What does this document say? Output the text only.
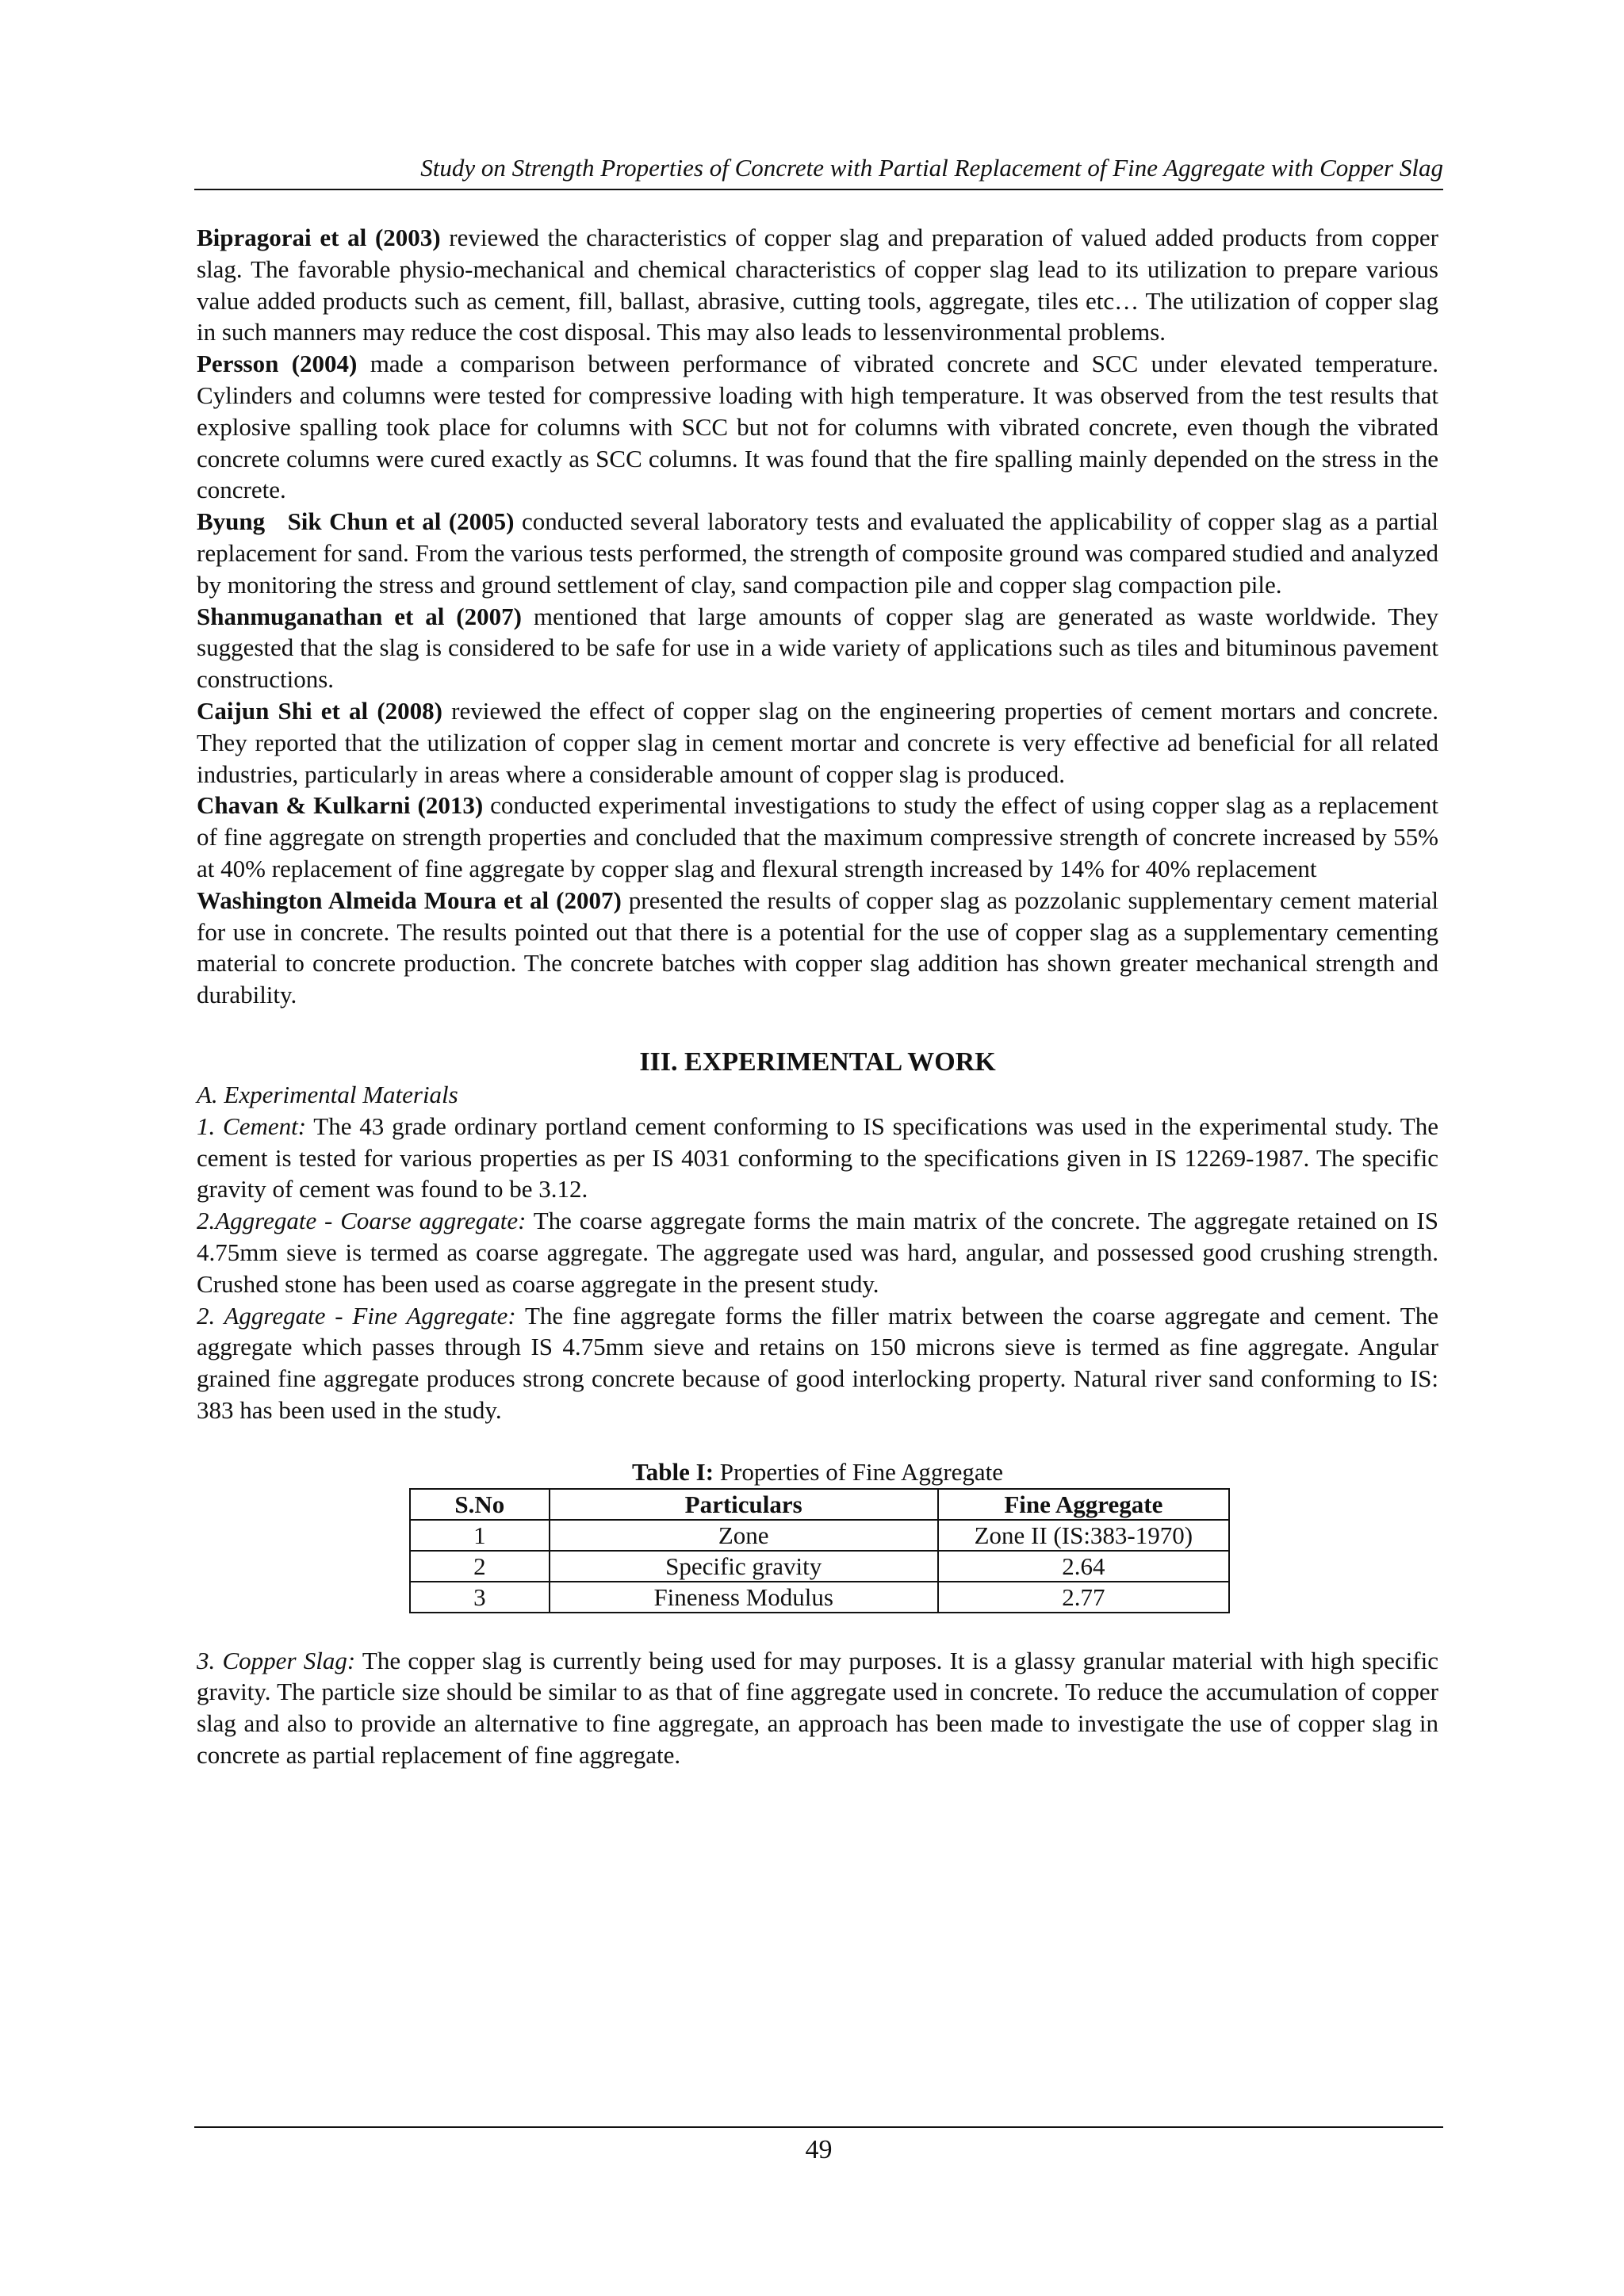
Study on Strength Properties of Concrete with Partial Replacement of Fine Aggregate with Copper Slag

Bipragorai et al (2003) reviewed the characteristics of copper slag and preparation of valued added products from copper slag. The favorable physio-mechanical and chemical characteristics of copper slag lead to its utilization to prepare various value added products such as cement, fill, ballast, abrasive, cutting tools, aggregate, tiles etc… The utilization of copper slag in such manners may reduce the cost disposal. This may also leads to lessenvironmental problems.

Persson (2004) made a comparison between performance of vibrated concrete and SCC under elevated temperature. Cylinders and columns were tested for compressive loading with high temperature. It was observed from the test results that explosive spalling took place for columns with SCC but not for columns with vibrated concrete, even though the vibrated concrete columns were cured exactly as SCC columns. It was found that the fire spalling mainly depended on the stress in the concrete.

Byung   Sik Chun et al (2005) conducted several laboratory tests and evaluated the applicability of copper slag as a partial replacement for sand. From the various tests performed, the strength of composite ground was compared studied and analyzed by monitoring the stress and ground settlement of clay, sand compaction pile and copper slag compaction pile.

Shanmuganathan et al (2007) mentioned that large amounts of copper slag are generated as waste worldwide. They suggested that the slag is considered to be safe for use in a wide variety of applications such as tiles and bituminous pavement constructions.

Caijun Shi et al (2008) reviewed the effect of copper slag on the engineering properties of cement mortars and concrete. They reported that the utilization of copper slag in cement mortar and concrete is very effective ad beneficial for all related industries, particularly in areas where a considerable amount of copper slag is produced.

Chavan & Kulkarni (2013) conducted experimental investigations to study the effect of using copper slag as a replacement of fine aggregate on strength properties and concluded that the maximum compressive strength of concrete increased by 55% at 40% replacement of fine aggregate by copper slag and flexural strength increased by 14% for 40% replacement

Washington Almeida Moura et al (2007) presented the results of copper slag as pozzolanic supplementary cement material for use in concrete. The results pointed out that there is a potential for the use of copper slag as a supplementary cementing material to concrete production. The concrete batches with copper slag addition has shown greater mechanical strength and durability.

III. EXPERIMENTAL WORK

A. Experimental Materials

1. Cement: The 43 grade ordinary portland cement conforming to IS specifications was used in the experimental study. The cement is tested for various properties as per IS 4031 conforming to the specifications given in IS 12269-1987. The specific gravity of cement was found to be 3.12.

2.Aggregate - Coarse aggregate: The coarse aggregate forms the main matrix of the concrete. The aggregate retained on IS 4.75mm sieve is termed as coarse aggregate. The aggregate used was hard, angular, and possessed good crushing strength. Crushed stone has been used as coarse aggregate in the present study.

2. Aggregate - Fine Aggregate: The fine aggregate forms the filler matrix between the coarse aggregate and cement. The aggregate which passes through IS 4.75mm sieve and retains on 150 microns sieve is termed as fine aggregate. Angular grained fine aggregate produces strong concrete because of good interlocking property. Natural river sand conforming to IS: 383 has been used in the study.

Table I: Properties of Fine Aggregate

S.No	Particulars	Fine Aggregate
1	Zone	Zone II (IS:383-1970)
2	Specific gravity	2.64
3	Fineness Modulus	2.77

3. Copper Slag: The copper slag is currently being used for may purposes. It is a glassy granular material with high specific gravity. The particle size should be similar to as that of fine aggregate used in concrete. To reduce the accumulation of copper slag and also to provide an alternative to fine aggregate, an approach has been made to investigate the use of copper slag in concrete as partial replacement of fine aggregate.

49
